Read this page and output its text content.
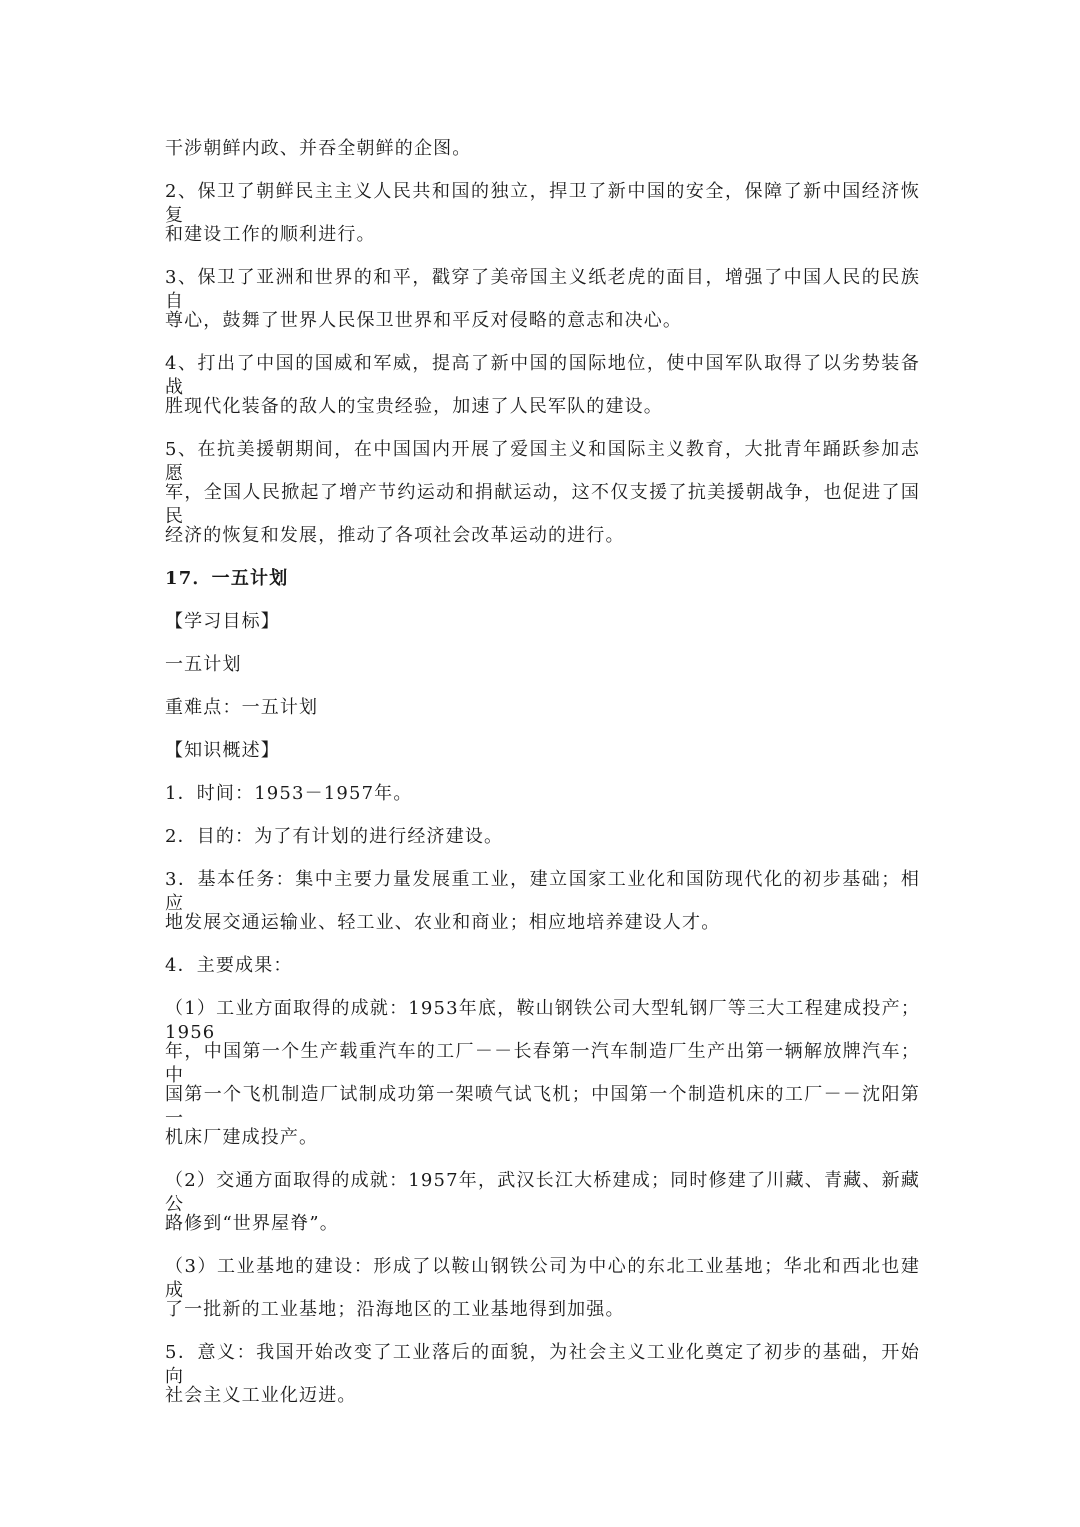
干涉朝鲜内政、并吞全朝鲜的企图。
2、保卫了朝鲜民主主义人民共和国的独立，捍卫了新中国的安全，保障了新中国经济恢复
和建设工作的顺利进行。
3、保卫了亚洲和世界的和平，戳穿了美帝国主义纸老虎的面目，增强了中国人民的民族自
尊心，鼓舞了世界人民保卫世界和平反对侵略的意志和决心。
4、打出了中国的国威和军威，提高了新中国的国际地位，使中国军队取得了以劣势装备战
胜现代化装备的敌人的宝贵经验，加速了人民军队的建设。
5、在抗美援朝期间，在中国国内开展了爱国主义和国际主义教育，大批青年踊跃参加志愿
军，全国人民掀起了增产节约运动和捐献运动，这不仅支援了抗美援朝战争，也促进了国民
经济的恢复和发展，推动了各项社会改革运动的进行。
17．一五计划
【学习目标】
一五计划
重难点：一五计划
【知识概述】
1．时间：1953－1957年。
2．目的：为了有计划的进行经济建设。
3．基本任务：集中主要力量发展重工业，建立国家工业化和国防现代化的初步基础；相应
地发展交通运输业、轻工业、农业和商业；相应地培养建设人才。
4．主要成果：
（1）工业方面取得的成就：1953年底，鞍山钢铁公司大型轧钢厂等三大工程建成投产；1956
年，中国第一个生产载重汽车的工厂－－长春第一汽车制造厂生产出第一辆解放牌汽车；中
国第一个飞机制造厂试制成功第一架喷气试飞机；中国第一个制造机床的工厂－－沈阳第一
机床厂建成投产。
（2）交通方面取得的成就：1957年，武汉长江大桥建成；同时修建了川藏、青藏、新藏公
路修到“世界屋脊”。
（3）工业基地的建设：形成了以鞍山钢铁公司为中心的东北工业基地；华北和西北也建成
了一批新的工业基地；沿海地区的工业基地得到加强。
5．意义：我国开始改变了工业落后的面貌，为社会主义工业化奠定了初步的基础，开始向
社会主义工业化迈进。
